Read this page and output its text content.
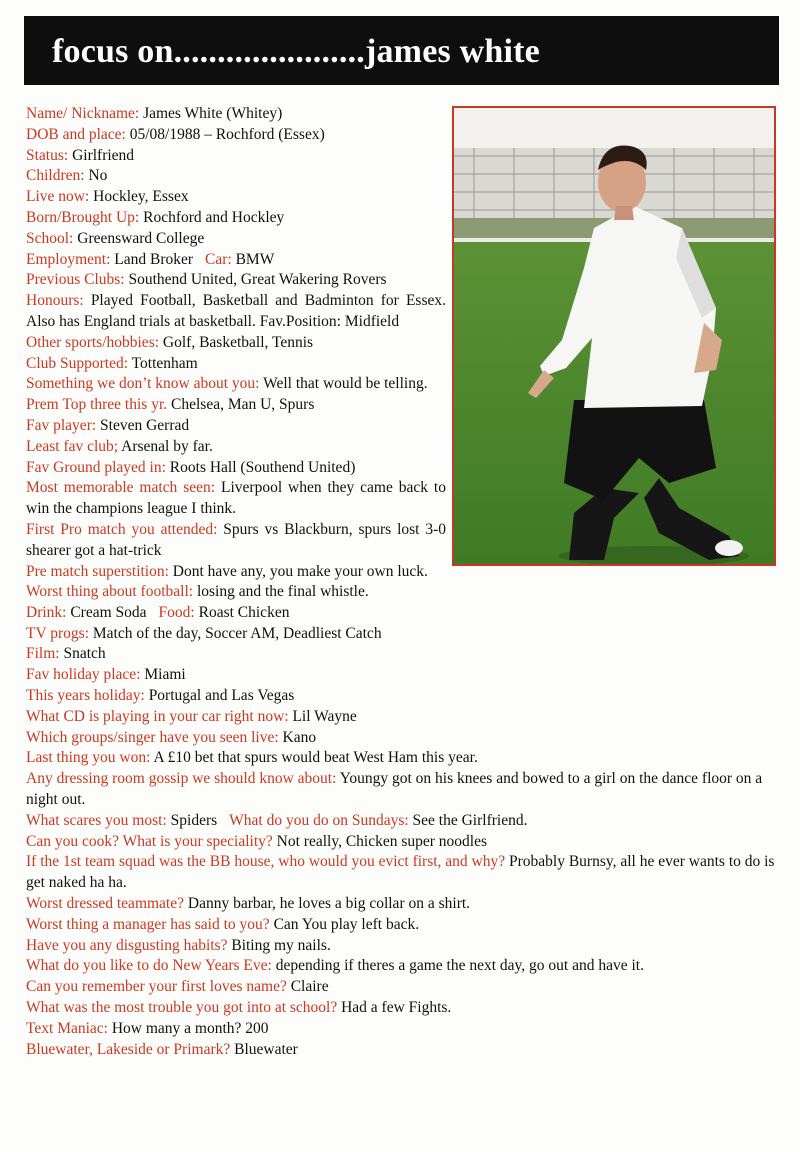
focus on......................james white

Name/ Nickname: James White (Whitey)

DOB and place: 05/08/1988 – Rochford (Essex)

Status: Girlfriend

Children: No

Live now: Hockley, Essex

Born/Brought Up: Rochford and Hockley

School: Greensward College

Employment: Land Broker Car: BMW

Previous Clubs: Southend United, Great Wakering Rovers

Honours: Played Football, Basketball and Badminton for Essex. Also has England trials at basketball. Fav.Position: Midfield

Other sports/hobbies: Golf, Basketball, Tennis

Club Supported: Tottenham

Something we don’t know about you: Well that would be telling.

Prem Top three this yr. Chelsea, Man U, Spurs

Fav player: Steven Gerrad

Least fav club; Arsenal by far.

Fav Ground played in: Roots Hall (Southend United)

Most memorable match seen: Liverpool when they came back to win the champions league I think.

First Pro match you attended: Spurs vs Blackburn, spurs lost 3-0 shearer got a hat-trick

Pre match superstition: Dont have any, you make your own luck.

Worst thing about football: losing and the final whistle.

Drink: Cream Soda Food: Roast Chicken

TV progs: Match of the day, Soccer AM, Deadliest Catch

Film: Snatch

Fav holiday place: Miami

This years holiday: Portugal and Las Vegas

What CD is playing in your car right now: Lil Wayne

Which groups/singer have you seen live: Kano

Last thing you won: A £10 bet that spurs would beat West Ham this year.

Any dressing room gossip we should know about: Youngy got on his knees and bowed to a girl on the dance floor on a night out.

What scares you most: Spiders What do you do on Sundays: See the Girlfriend.

Can you cook? What is your speciality? Not really, Chicken super noodles

If the 1st team squad was the BB house, who would you evict first, and why? Probably Burnsy, all he ever wants to do is get naked ha ha.

Worst dressed teammate? Danny barbar, he loves a big collar on a shirt.

Worst thing a manager has said to you? Can You play left back.

Have you any disgusting habits? Biting my nails.

What do you like to do New Years Eve: depending if theres a game the next day, go out and have it.

Can you remember your first loves name? Claire

What was the most trouble you got into at school? Had a few Fights.

Text Maniac: How many a month? 200

Bluewater, Lakeside or Primark? Bluewater
